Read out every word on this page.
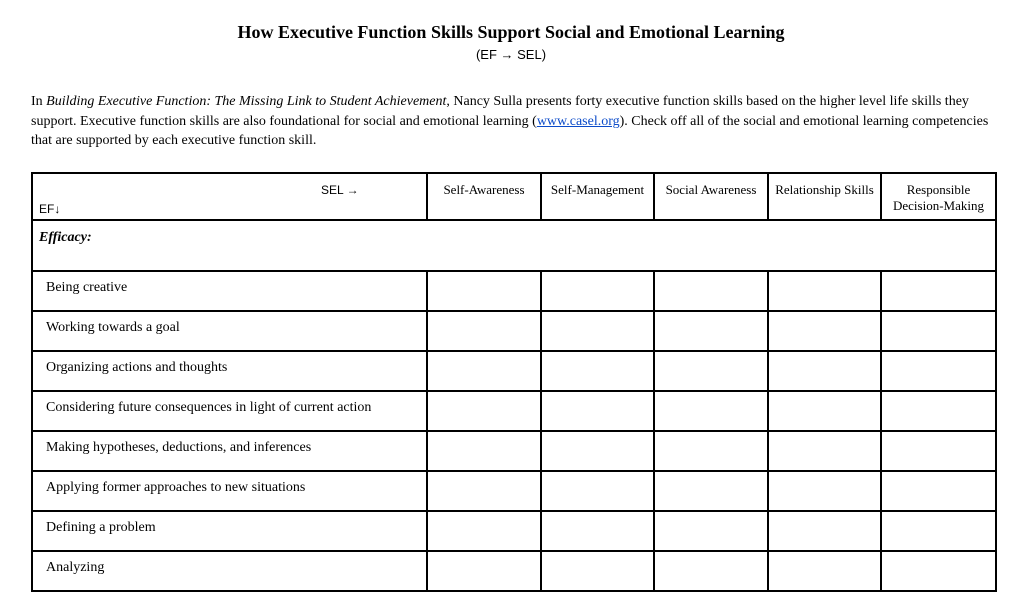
How Executive Function Skills Support Social and Emotional Learning
(EF → SEL)
In Building Executive Function: The Missing Link to Student Achievement, Nancy Sulla presents forty executive function skills based on the higher level life skills they support. Executive function skills are also foundational for social and emotional learning (www.casel.org). Check off all of the social and emotional learning competencies that are supported by each executive function skill.
SEL →
EF↓	Self-Awareness	Self-Management	Social Awareness	Relationship Skills	Responsible Decision-Making
Efficacy:					
Being creative					
Working towards a goal					
Organizing actions and thoughts					
Considering future consequences in light of current action					
Making hypotheses, deductions, and inferences					
Applying former approaches to new situations					
Defining a problem					
Analyzing					
